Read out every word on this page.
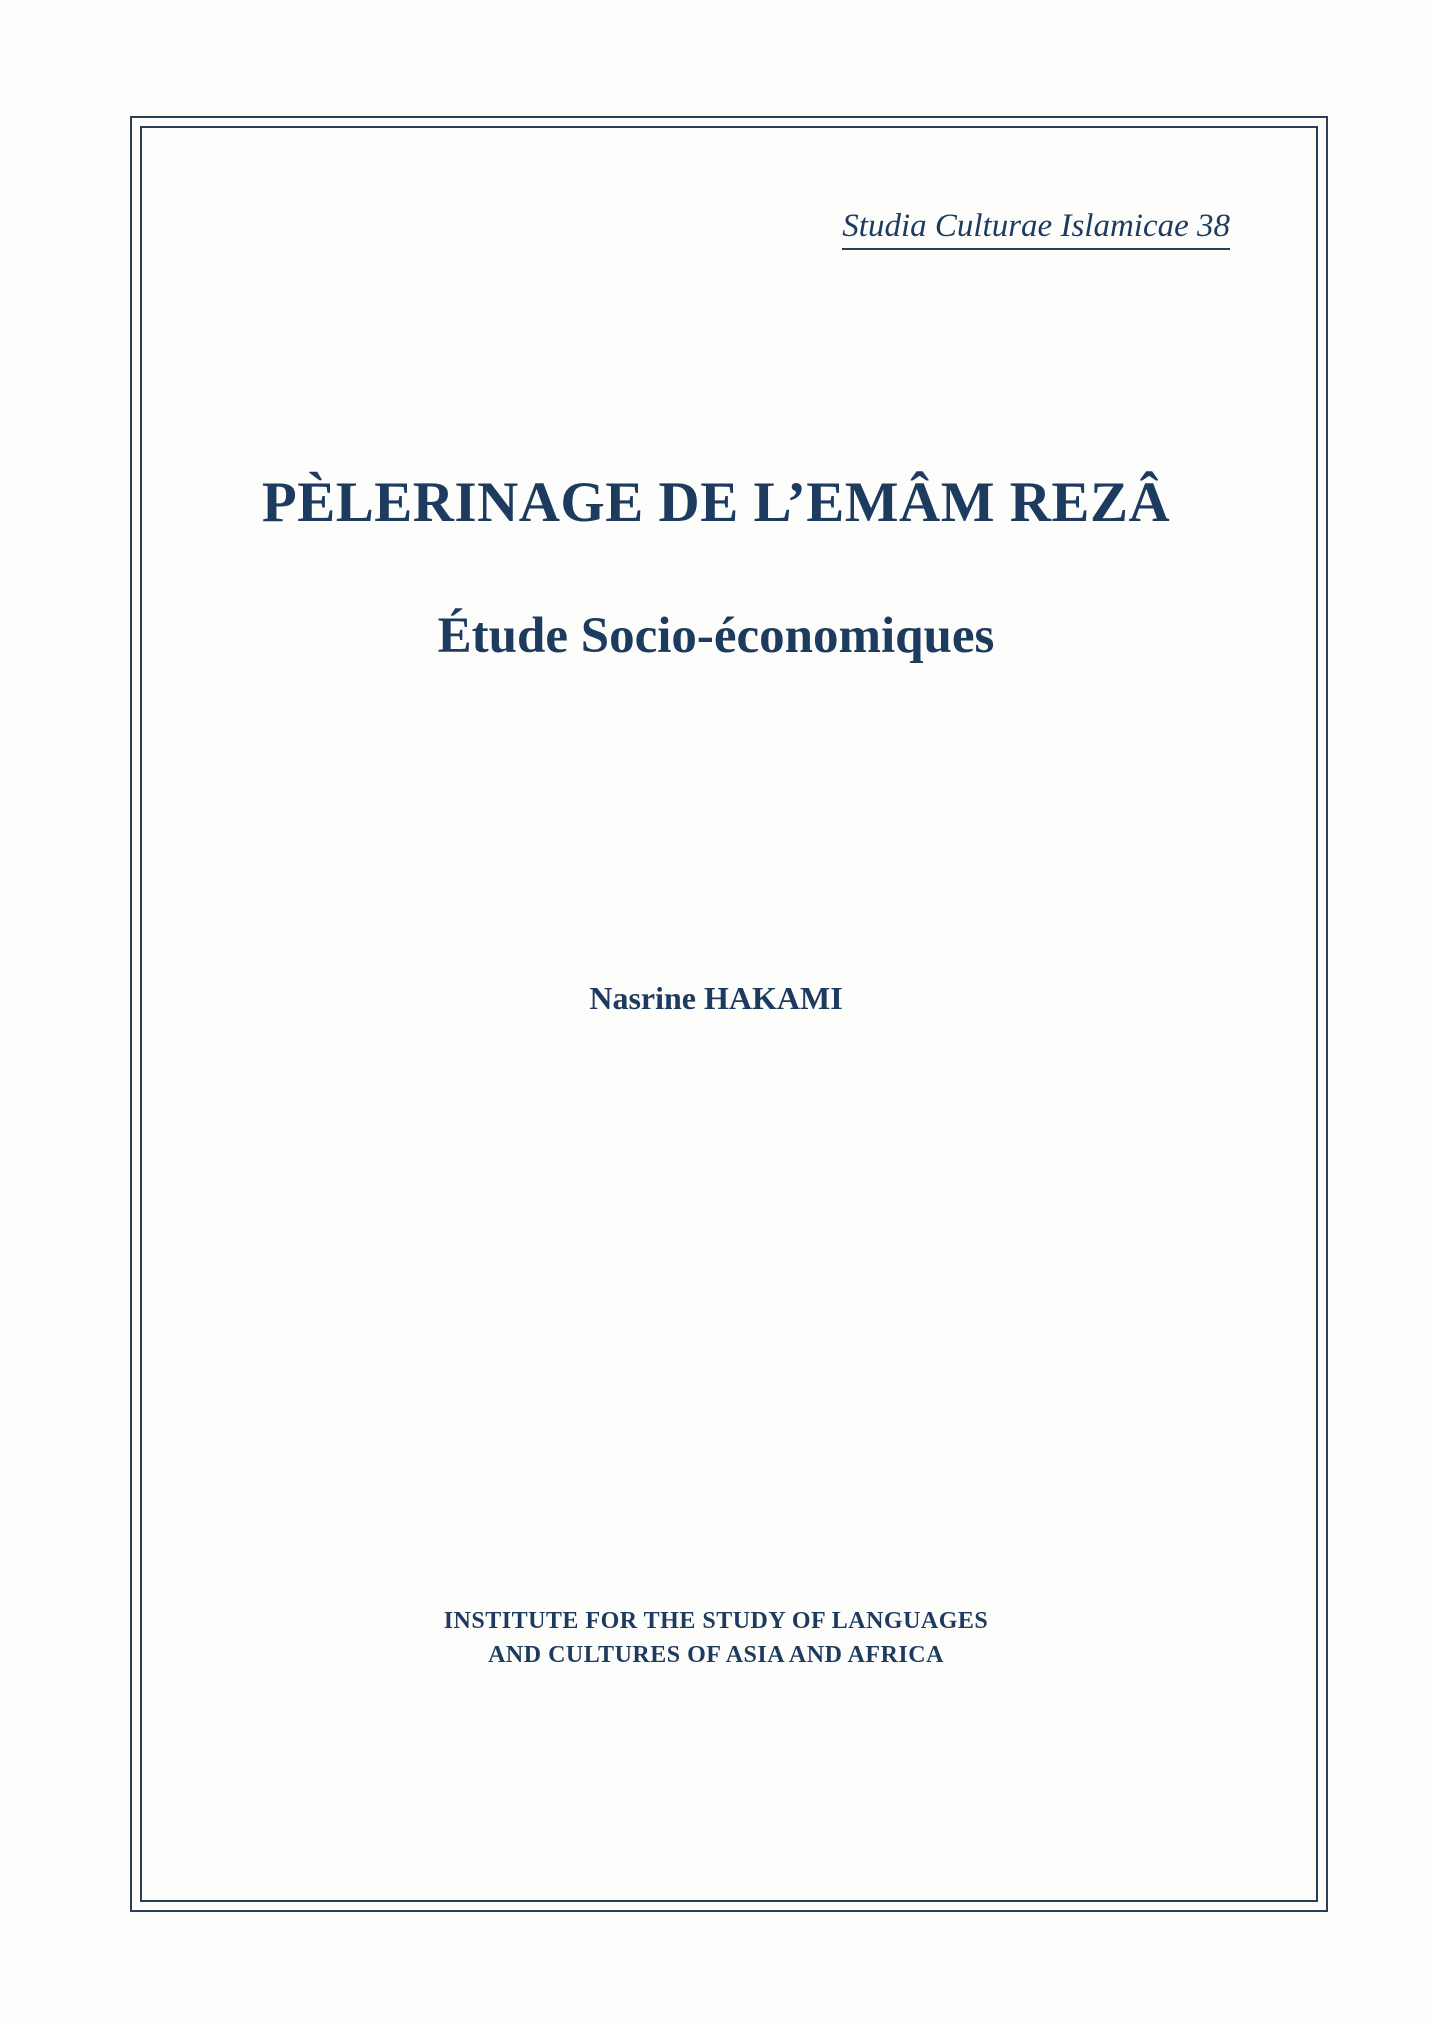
Studia Culturae Islamicae 38
PÈLERINAGE DE L’EMÂM REZÂ
Étude Socio-économiques
Nasrine HAKAMI
INSTITUTE FOR THE STUDY OF LANGUAGES
AND CULTURES OF ASIA AND AFRICA
